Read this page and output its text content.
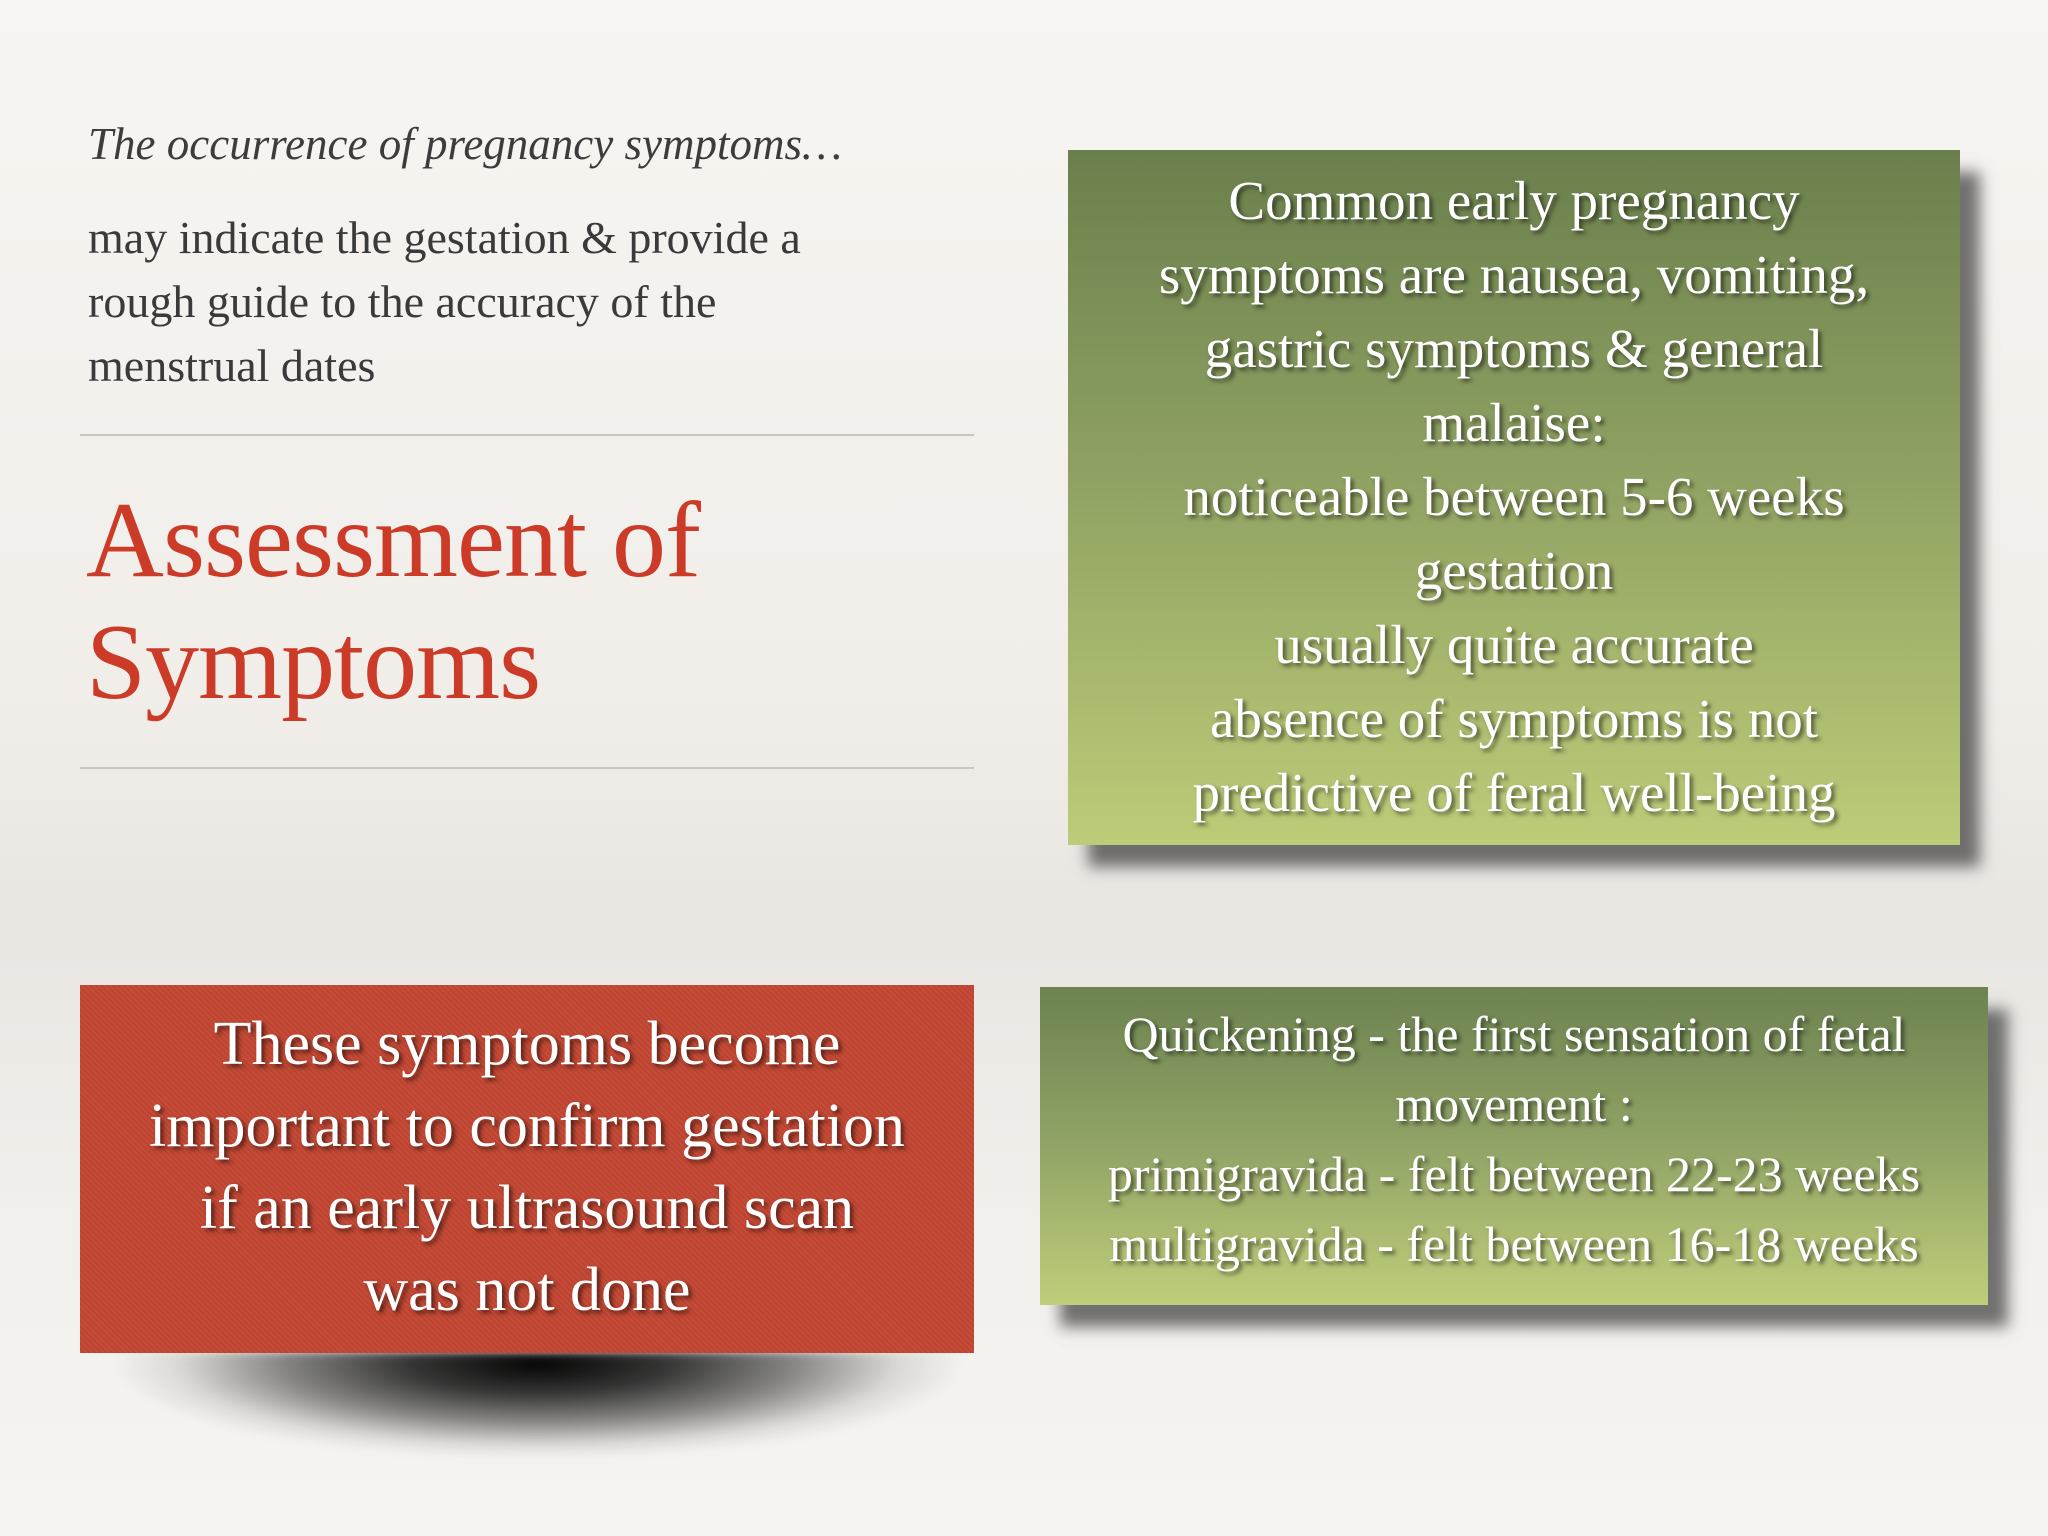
The occurrence of pregnancy symptoms…
may indicate the gestation & provide a
rough guide to the accuracy of the
menstrual dates
Assessment of
Symptoms
Common early pregnancy
symptoms are nausea, vomiting,
gastric symptoms & general
malaise:
noticeable between 5-6 weeks
gestation
usually quite accurate
absence of symptoms is not
predictive of feral well-being
These symptoms become
important to confirm gestation
if an early ultrasound scan
was not done
Quickening - the first sensation of fetal
movement :
primigravida - felt between 22-23 weeks
multigravida - felt between 16-18 weeks
